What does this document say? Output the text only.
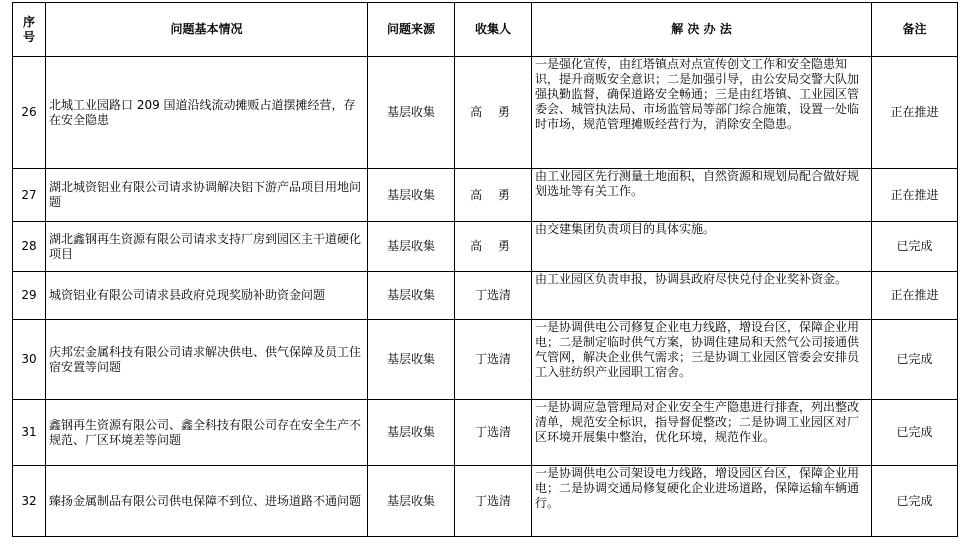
序
号	问题基本情况	问题来源	收集人	解 决 办 法	备注
26	北城工业园路口 209 国道沿线流动摊贩占道摆摊经营，存在安全隐患	基层收集	高 勇	一是强化宣传，由红塔镇点对点宣传创文工作和安全隐患知识，提升商贩安全意识；二是加强引导，由公安局交警大队加强执勤监督，确保道路安全畅通；三是由红塔镇、工业园区管委会、城管执法局、市场监管局等部门综合施策，设置一处临时市场，规范管理摊贩经营行为，消除安全隐患。	正在推进
27	湖北城资铝业有限公司请求协调解决铝下游产品项目用地问题	基层收集	高 勇	由工业园区先行测量土地面积，自然资源和规划局配合做好规划选址等有关工作。	正在推进
28	湖北鑫钢再生资源有限公司请求支持厂房到园区主干道硬化项目	基层收集	高 勇	由交建集团负责项目的具体实施。	已完成
29	城资铝业有限公司请求县政府兑现奖励补助资金问题	基层收集	丁选清	由工业园区负责申报，协调县政府尽快兑付企业奖补资金。	正在推进
30	庆邦宏金属科技有限公司请求解决供电、供气保障及员工住宿安置等问题	基层收集	丁选清	一是协调供电公司修复企业电力线路，增设台区，保障企业用电；二是制定临时供气方案，协调住建局和天然气公司接通供气管网，解决企业供气需求；三是协调工业园区管委会安排员工入驻纺织产业园职工宿舍。	已完成
31	鑫钢再生资源有限公司、鑫全科技有限公司存在安全生产不规范、厂区环境差等问题	基层收集	丁选清	一是协调应急管理局对企业安全生产隐患进行排查，列出整改清单，规范安全标识，指导督促整改；二是协调工业园区对厂区环境开展集中整治，优化环境，规范作业。	已完成
32	臻扬金属制品有限公司供电保障不到位、进场道路不通问题	基层收集	丁选清	一是协调供电公司架设电力线路，增设园区台区，保障企业用电；二是协调交通局修复硬化企业进场道路，保障运输车辆通行。	已完成
